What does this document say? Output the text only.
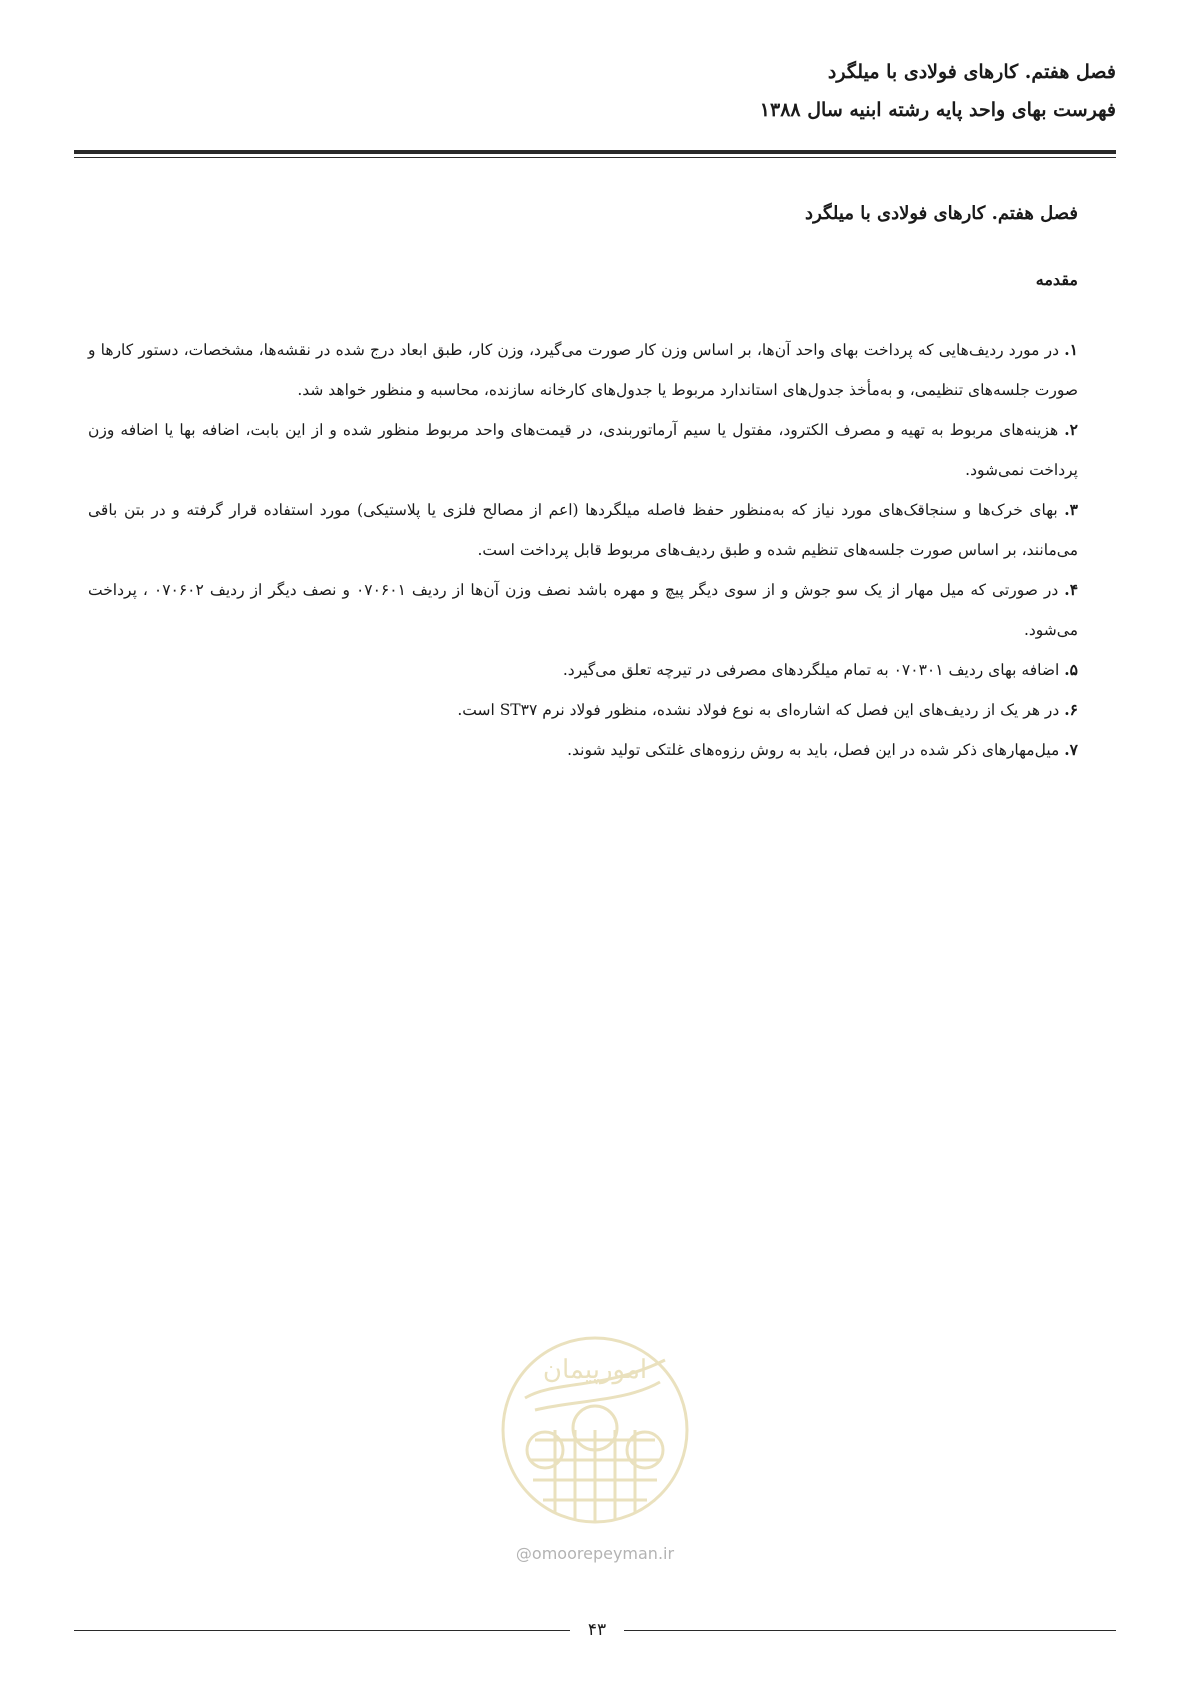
فصل هفتم. کارهای فولادی با میلگرد

فهرست بهای واحد پایه رشته ابنیه سال ۱۳۸۸

فصل هفتم. کارهای فولادی با میلگرد
مقدمه
۱. در مورد ردیف‌هایی که پرداخت بهای واحد آن‌ها، بر اساس وزن کار صورت می‌گیرد، وزن کار، طبق ابعاد درج شده در نقشه‌ها، مشخصات، دستور کارها و صورت جلسه‌های تنظیمی، و به‌مأخذ جدول‌های استاندارد مربوط یا جدول‌های کارخانه سازنده، محاسبه و منظور خواهد شد.
۲. هزینه‌های مربوط به تهیه و مصرف الکترود، مفتول یا سیم آرماتوربندی، در قیمت‌های واحد مربوط منظور شده و از این بابت، اضافه بها یا اضافه وزن پرداخت نمی‌شود.
۳. بهای خرک‌ها و سنجاقک‌های مورد نیاز که به‌منظور حفظ فاصله میلگردها (اعم از مصالح فلزی یا پلاستیکی) مورد استفاده قرار گرفته و در بتن باقی می‌مانند، بر اساس صورت جلسه‌های تنظیم شده و طبق ردیف‌های مربوط قابل پرداخت است.
۴. در صورتی که میل مهار از یک سو جوش و از سوی دیگر پیچ و مهره باشد نصف وزن آن‌ها از ردیف ۰۷۰۶۰۱ و نصف دیگر از ردیف ۰۷۰۶۰۲ ، پرداخت می‌شود.
۵. اضافه بهای ردیف ۰۷۰۳۰۱ به تمام میلگردهای مصرفی در تیرچه تعلق می‌گیرد.
۶. در هر یک از ردیف‌های این فصل که اشاره‌ای به نوع فولاد نشده، منظور فولاد نرم ST۳۷ است.
۷. میل‌مهارهای ذکر شده در این فصل، باید به روش رزوه‌های غلتکی تولید شوند.
امورپیمان
@omoorepeyman.ir
۴۳
